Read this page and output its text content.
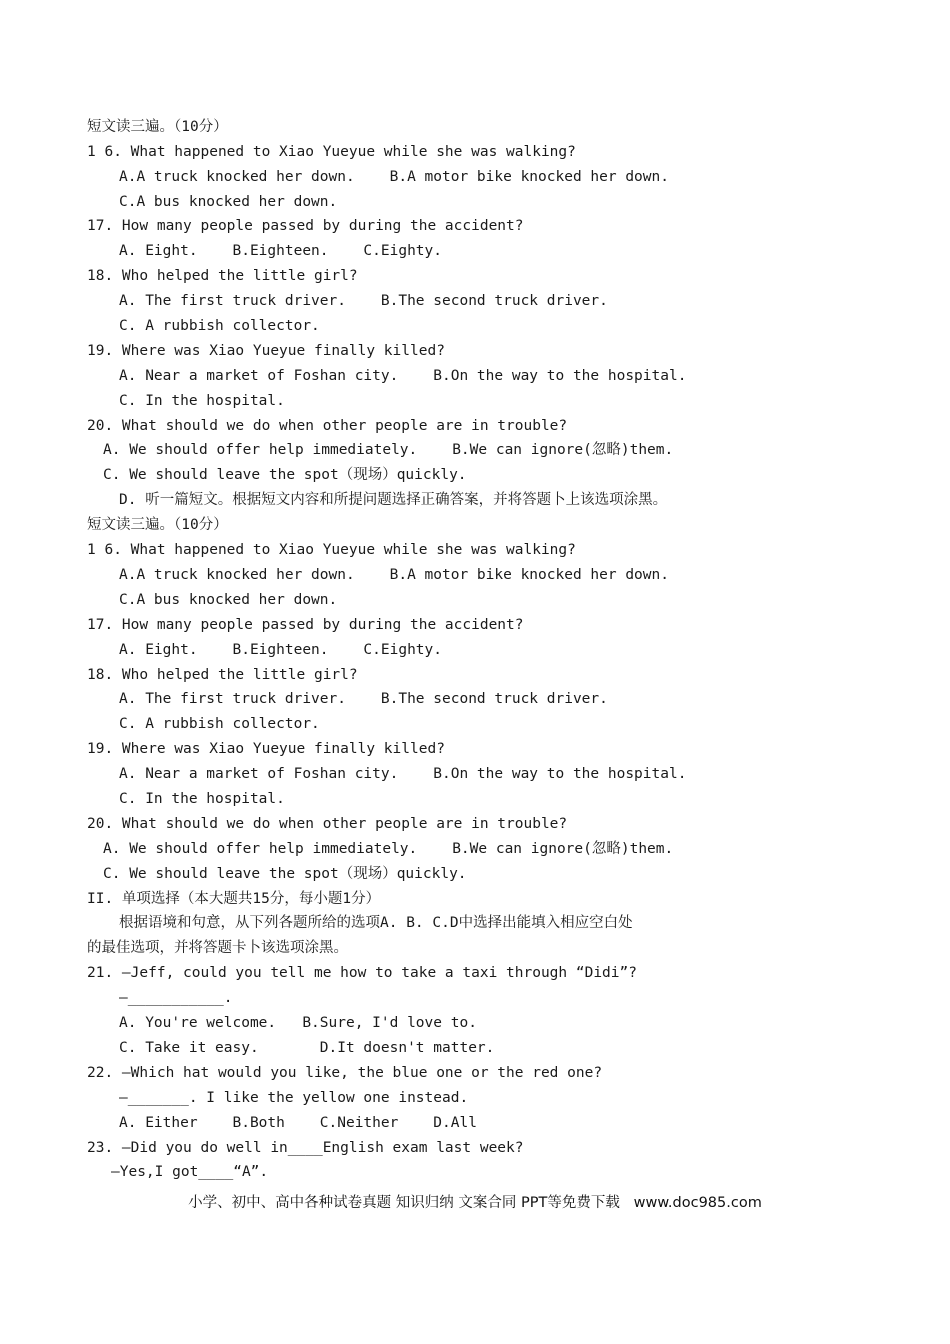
短文读三遍。（10分）
1 6. What happened to Xiao Yueyue while she was walking?
A.A truck knocked her down.    B.A motor bike knocked her down.
C.A bus knocked her down.
17. How many people passed by during the accident?
A. Eight.    B.Eighteen.    C.Eighty.
18. Who helped the little girl?
A. The first truck driver.    B.The second truck driver.
C. A rubbish collector.
19. Where was Xiao Yueyue finally killed?
A. Near a market of Foshan city.    B.On the way to the hospital.
C. In the hospital.
20. What should we do when other people are in trouble?
A. We should offer help immediately.    B.We can ignore(忽略)them.
C. We should leave the spot（现场）quickly.
D. 听一篇短文。根据短文内容和所提问题选择正确答案，并将答题卜上该选项涂黑。
短文读三遍。（10分）
1 6. What happened to Xiao Yueyue while she was walking?
A.A truck knocked her down.    B.A motor bike knocked her down.
C.A bus knocked her down.
17. How many people passed by during the accident?
A. Eight.    B.Eighteen.    C.Eighty.
18. Who helped the little girl?
A. The first truck driver.    B.The second truck driver.
C. A rubbish collector.
19. Where was Xiao Yueyue finally killed?
A. Near a market of Foshan city.    B.On the way to the hospital.
C. In the hospital.
20. What should we do when other people are in trouble?
A. We should offer help immediately.    B.We can ignore(忽略)them.
C. We should leave the spot（现场）quickly.
II. 单项选择（本大题共15分，每小题1分）
根据语境和句意，从下列各题所给的选项A. B. C.D中选择出能填入相应空白处
的最佳选项，并将答题卡卜该选项涂黑。
21. —Jeff, could you tell me how to take a taxi through “Didi”?
—___________.
A. You're welcome.   B.Sure, I'd love to.
C. Take it easy.       D.It doesn't matter.
22. —Which hat would you like, the blue one or the red one?
—_______. I like the yellow one instead.
A. Either    B.Both    C.Neither    D.All
23. —Did you do well in____English exam last week?
—Yes,I got____“A”.
小学、初中、高中各种试卷真题 知识归纳 文案合同 PPT等免费下载   www.doc985.com
